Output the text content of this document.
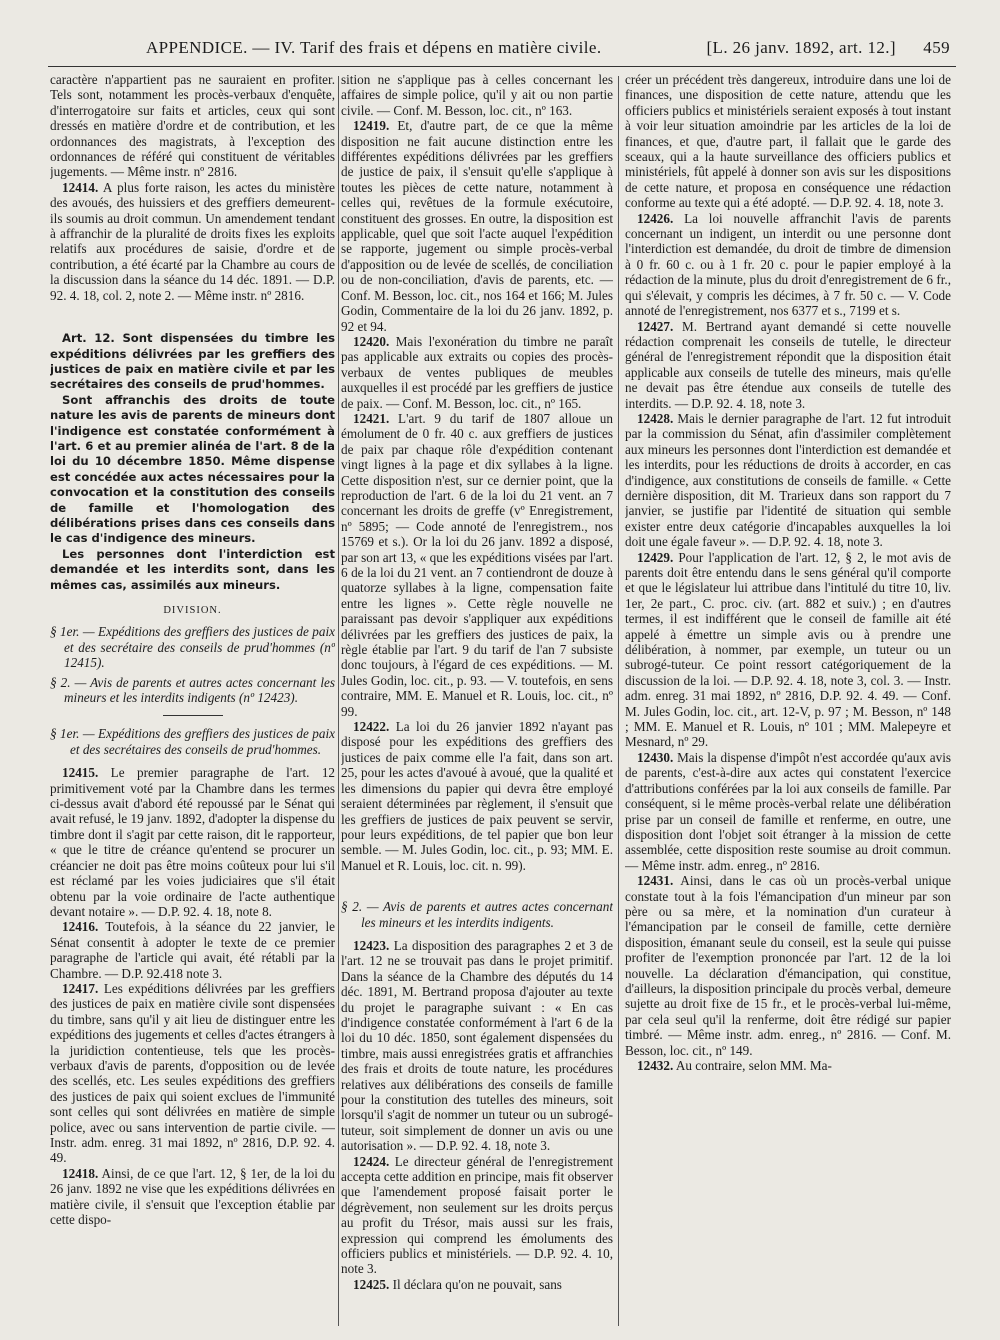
APPENDICE. — IV. Tarif des frais et dépens en matière civile.	[L. 26 janv. 1892, art. 12.] 459

caractère n'appartient pas ne sauraient en profiter. Tels sont, notamment les procès-verbaux d'enquête, d'interrogatoire sur faits et articles, ceux qui sont dressés en matière d'ordre et de contribution, et les ordonnances des magistrats, à l'exception des ordonnances de référé qui constituent de véritables jugements. — Même instr. nº 2816.

12414. A plus forte raison, les actes du ministère des avoués, des huissiers et des greffiers demeurent-ils soumis au droit commun. Un amendement tendant à affranchir de la pluralité de droits fixes les exploits relatifs aux procédures de saisie, d'ordre et de contribution, a été écarté par la Chambre au cours de la discussion dans la séance du 14 déc. 1891. — D.P. 92. 4. 18, col. 2, note 2. — Même instr. nº 2816.

Art. 12. Sont dispensées du timbre les expéditions délivrées par les greffiers des justices de paix en matière civile et par les secrétaires des conseils de prud'hommes.

Sont affranchis des droits de toute nature les avis de parents de mineurs dont l'indigence est constatée conformément à l'art. 6 et au premier alinéa de l'art. 8 de la loi du 10 décembre 1850. Même dispense est concédée aux actes nécessaires pour la convocation et la constitution des conseils de famille et l'homologation des délibérations prises dans ces conseils dans le cas d'indigence des mineurs.

Les personnes dont l'interdiction est demandée et les interdits sont, dans les mêmes cas, assimilés aux mineurs.

DIVISION.

§ 1er. — Expéditions des greffiers des justices de paix et des secrétaire des conseils de prud'hommes (nº 12415).

§ 2. — Avis de parents et autres actes concernant les mineurs et les interdits indigents (nº 12423).

§ 1er. — Expéditions des greffiers des justices de paix et des secrétaires des conseils de prud'hommes.

12415. Le premier paragraphe de l'art. 12 primitivement voté par la Chambre dans les termes ci-dessus avait d'abord été repoussé par le Sénat qui avait refusé, le 19 janv. 1892, d'adopter la dispense du timbre dont il s'agit par cette raison, dit le rapporteur, « que le titre de créance qu'entend se procurer un créancier ne doit pas être moins coûteux pour lui s'il est réclamé par les voies judiciaires que s'il était obtenu par la voie ordinaire de l'acte authentique devant notaire ». — D.P. 92. 4. 18, note 8.

12416. Toutefois, à la séance du 22 janvier, le Sénat consentit à adopter le texte de ce premier paragraphe de l'article qui avait, été rétabli par la Chambre. — D.P. 92.418 note 3.

12417. Les expéditions délivrées par les greffiers des justices de paix en matière civile sont dispensées du timbre, sans qu'il y ait lieu de distinguer entre les expéditions des jugements et celles d'actes étrangers à la juridiction contentieuse, tels que les procès-verbaux d'avis de parents, d'opposition ou de levée des scellés, etc. Les seules expéditions des greffiers des justices de paix qui soient exclues de l'immunité sont celles qui sont délivrées en matière de simple police, avec ou sans intervention de partie civile. — Instr. adm. enreg. 31 mai 1892, nº 2816, D.P. 92. 4. 49.

12418. Ainsi, de ce que l'art. 12, § 1er, de la loi du 26 janv. 1892 ne vise que les expéditions délivrées en matière civile, il s'ensuit que l'exception établie par cette dispo-

sition ne s'applique pas à celles concernant les affaires de simple police, qu'il y ait ou non partie civile. — Conf. M. Besson, loc. cit., nº 163.

12419. Et, d'autre part, de ce que la même disposition ne fait aucune distinction entre les différentes expéditions délivrées par les greffiers de justice de paix, il s'ensuit qu'elle s'applique à toutes les pièces de cette nature, notamment à celles qui, revêtues de la formule exécutoire, constituent des grosses. En outre, la disposition est applicable, quel que soit l'acte auquel l'expédition se rapporte, jugement ou simple procès-verbal d'apposition ou de levée de scellés, de conciliation ou de non-conciliation, d'avis de parents, etc. — Conf. M. Besson, loc. cit., nos 164 et 166; M. Jules Godin, Commentaire de la loi du 26 janv. 1892, p. 92 et 94.

12420. Mais l'exonération du timbre ne paraît pas applicable aux extraits ou copies des procès-verbaux de ventes publiques de meubles auxquelles il est procédé par les greffiers de justice de paix. — Conf. M. Besson, loc. cit., nº 165.

12421. L'art. 9 du tarif de 1807 alloue un émolument de 0 fr. 40 c. aux greffiers de justices de paix par chaque rôle d'expédition contenant vingt lignes à la page et dix syllabes à la ligne. Cette disposition n'est, sur ce dernier point, que la reproduction de l'art. 6 de la loi du 21 vent. an 7 concernant les droits de greffe (vº Enregistrement, nº 5895; — Code annoté de l'enregistrem., nos 15769 et s.). Or la loi du 26 janv. 1892 a disposé, par son art 13, « que les expéditions visées par l'art. 6 de la loi du 21 vent. an 7 contiendront de douze à quatorze syllabes à la ligne, compensation faite entre les lignes ». Cette règle nouvelle ne paraissant pas devoir s'appliquer aux expéditions délivrées par les greffiers des justices de paix, la règle établie par l'art. 9 du tarif de l'an 7 subsiste donc toujours, à l'égard de ces expéditions. — M. Jules Godin, loc. cit., p. 93. — V. toutefois, en sens contraire, MM. E. Manuel et R. Louis, loc. cit., nº 99.

12422. La loi du 26 janvier 1892 n'ayant pas disposé pour les expéditions des greffiers des justices de paix comme elle l'a fait, dans son art. 25, pour les actes d'avoué à avoué, que la qualité et les dimensions du papier qui devra être employé seraient déterminées par règlement, il s'ensuit que les greffiers de justices de paix peuvent se servir, pour leurs expéditions, de tel papier que bon leur semble. — M. Jules Godin, loc. cit., p. 93; MM. E. Manuel et R. Louis, loc. cit. n. 99).

§ 2. — Avis de parents et autres actes concernant les mineurs et les interdits indigents.

12423. La disposition des paragraphes 2 et 3 de l'art. 12 ne se trouvait pas dans le projet primitif. Dans la séance de la Chambre des députés du 14 déc. 1891, M. Bertrand proposa d'ajouter au texte du projet le paragraphe suivant : « En cas d'indigence constatée conformément à l'art 6 de la loi du 10 déc. 1850, sont également dispensées du timbre, mais aussi enregistrées gratis et affranchies des frais et droits de toute nature, les procédures relatives aux délibérations des conseils de famille pour la constitution des tutelles des mineurs, soit lorsqu'il s'agit de nommer un tuteur ou un subrogé-tuteur, soit simplement de donner un avis ou une autorisation ». — D.P. 92. 4. 18, note 3.

12424. Le directeur général de l'enregistrement accepta cette addition en principe, mais fit observer que l'amendement proposé faisait porter le dégrèvement, non seulement sur les droits perçus au profit du Trésor, mais aussi sur les frais, expression qui comprend les émoluments des officiers publics et ministériels. — D.P. 92. 4. 10, note 3.

12425. Il déclara qu'on ne pouvait, sans

créer un précédent très dangereux, introduire dans une loi de finances, une disposition de cette nature, attendu que les officiers publics et ministériels seraient exposés à tout instant à voir leur situation amoindrie par les articles de la loi de finances, et que, d'autre part, il fallait que le garde des sceaux, qui a la haute surveillance des officiers publics et ministériels, fût appelé à donner son avis sur les dispositions de cette nature, et proposa en conséquence une rédaction conforme au texte qui a été adopté. — D.P. 92. 4. 18, note 3.

12426. La loi nouvelle affranchit l'avis de parents concernant un indigent, un interdit ou une personne dont l'interdiction est demandée, du droit de timbre de dimension à 0 fr. 60 c. ou à 1 fr. 20 c. pour le papier employé à la rédaction de la minute, plus du droit d'enregistrement de 6 fr., qui s'élevait, y compris les décimes, à 7 fr. 50 c. — V. Code annoté de l'enregistrement, nos 6377 et s., 7199 et s.

12427. M. Bertrand ayant demandé si cette nouvelle rédaction comprenait les conseils de tutelle, le directeur général de l'enregistrement répondit que la disposition était applicable aux conseils de tutelle des mineurs, mais qu'elle ne devait pas être étendue aux conseils de tutelle des interdits. — D.P. 92. 4. 18, note 3.

12428. Mais le dernier paragraphe de l'art. 12 fut introduit par la commission du Sénat, afin d'assimiler complètement aux mineurs les personnes dont l'interdiction est demandée et les interdits, pour les réductions de droits à accorder, en cas d'indigence, aux constitutions de conseils de famille. « Cette dernière disposition, dit M. Trarieux dans son rapport du 7 janvier, se justifie par l'identité de situation qui semble exister entre deux catégorie d'incapables auxquelles la loi doit une égale faveur ». — D.P. 92. 4. 18, note 3.

12429. Pour l'application de l'art. 12, § 2, le mot avis de parents doit être entendu dans le sens général qu'il comporte et que le législateur lui attribue dans l'intitulé du titre 10, liv. 1er, 2e part., C. proc. civ. (art. 882 et suiv.) ; en d'autres termes, il est indifférent que le conseil de famille ait été appelé à émettre un simple avis ou à prendre une délibération, à nommer, par exemple, un tuteur ou un subrogé-tuteur. Ce point ressort catégoriquement de la discussion de la loi. — D.P. 92. 4. 18, note 3, col. 3. — Instr. adm. enreg. 31 mai 1892, nº 2816, D.P. 92. 4. 49. — Conf. M. Jules Godin, loc. cit., art. 12-V, p. 97 ; M. Besson, nº 148 ; MM. E. Manuel et R. Louis, nº 101 ; MM. Malepeyre et Mesnard, nº 29.

12430. Mais la dispense d'impôt n'est accordée qu'aux avis de parents, c'est-à-dire aux actes qui constatent l'exercice d'attributions conférées par la loi aux conseils de famille. Par conséquent, si le même procès-verbal relate une délibération prise par un conseil de famille et renferme, en outre, une disposition dont l'objet soit étranger à la mission de cette assemblée, cette disposition reste soumise au droit commun. — Même instr. adm. enreg., nº 2816.

12431. Ainsi, dans le cas où un procès-verbal unique constate tout à la fois l'émancipation d'un mineur par son père ou sa mère, et la nomination d'un curateur à l'émancipation par le conseil de famille, cette dernière disposition, émanant seule du conseil, est la seule qui puisse profiter de l'exemption prononcée par l'art. 12 de la loi nouvelle. La déclaration d'émancipation, qui constitue, d'ailleurs, la disposition principale du procès verbal, demeure sujette au droit fixe de 15 fr., et le procès-verbal lui-même, par cela seul qu'il la renferme, doit être rédigé sur papier timbré. — Même instr. adm. enreg., nº 2816. — Conf. M. Besson, loc. cit., nº 149.

12432. Au contraire, selon MM. Ma-
